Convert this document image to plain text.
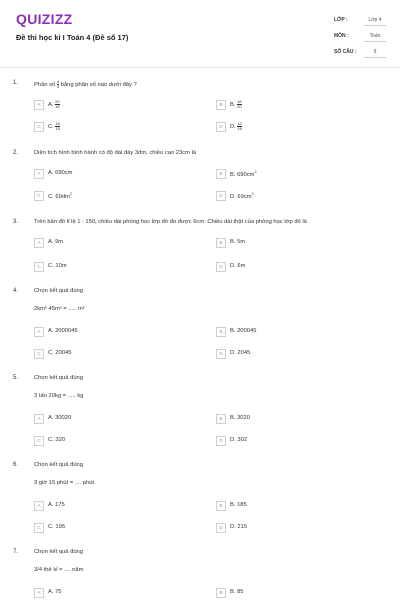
QUIZIZZ
Đề thi học kì I Toán 4 (Đề số 17)
LỚP :	Lớp 4
MÔN :	Toán
SỐ CÂU :	9
1.	Phân số $\frac{4}{5}$ bằng phân số nào dưới đây ?
A	A. $\frac{20}{16}$	B	B. $\frac{16}{20}$
C	C. $\frac{16}{15}$	D	D. $\frac{12}{16}$
2.	Diện tích hình bình hành có độ dài đáy 3dm, chiều cao 23cm là
A	A. 690cm	B	B. $690cm^2$
C	C. $69dm^2$	D	D. $69cm^2$
3.	Trên bản đồ tỉ lệ 1 : 150, chiều dài phòng học lớp đó đo được 6cm. Chiều dài thật của phòng học lớp đó là
A	A. 9m	B	B. 5m
C	C. 10m	D	D. 6m
4.	Chọn kết quả đúng
2km² 45m² = ..... m²
A	A. 2000045	B	B. 200045
C	C. 20045	D	D. 2045
5.	Chọn kết quả đúng
3 tấn 20kg = ..... kg
A	A. 30020	B	B. 3020
C	C. 320	D	D. 302
6.	Chọn kết quả đúng
3 giờ 15 phút = .... phút
A	A. 175	B	B. 185
C	C. 195	D	D. 215
7.	Chọn kết quả đúng
3/4 thế kỉ = .... năm
A	A. 75	B	B. 85
